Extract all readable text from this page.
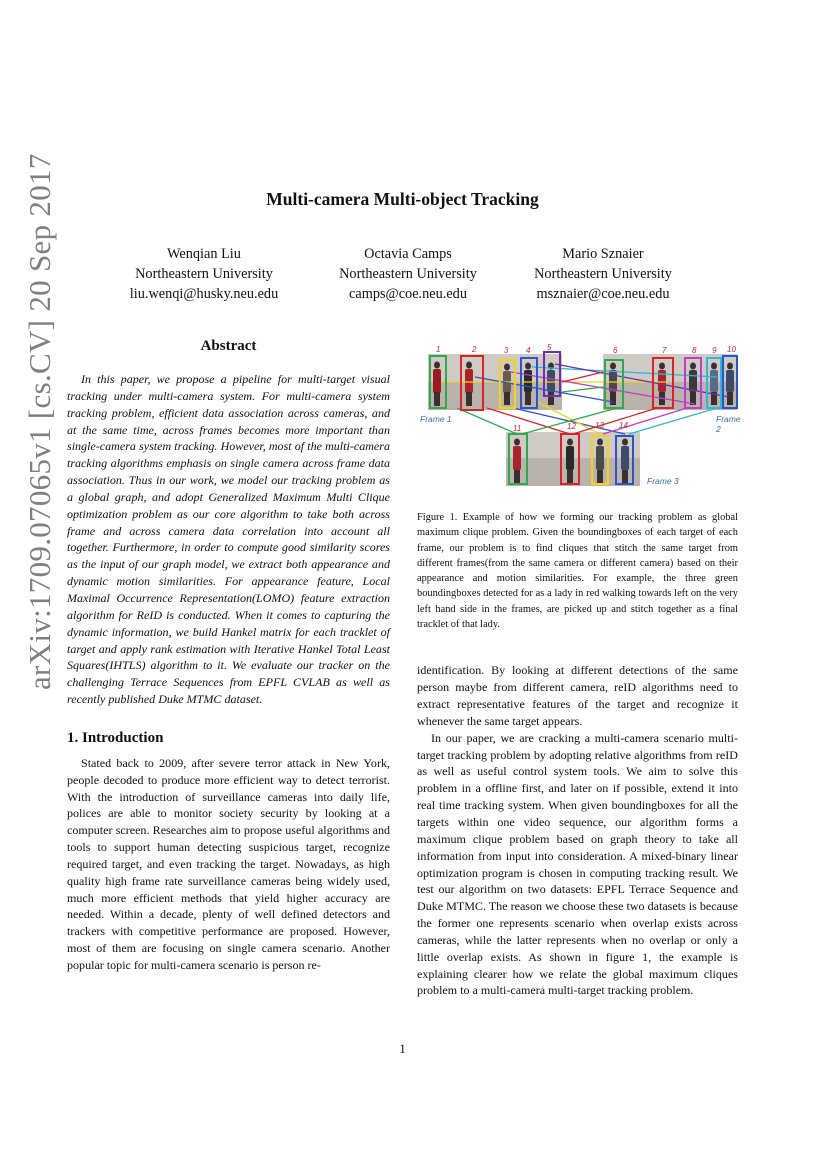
arXiv:1709.07065v1 [cs.CV] 20 Sep 2017	Multi-camera Multi-object Tracking
Wenqian Liu
Northeastern University
liu.wenqi@husky.neu.edu
Octavia Camps
Northeastern University
camps@coe.neu.edu
Mario Sznaier
Northeastern University
msznaier@coe.neu.edu
Abstract

In this paper, we propose a pipeline for multi-target visual tracking under multi-camera system. For multi-camera system tracking problem, efficient data association across cameras, and at the same time, across frames becomes more important than single-camera system tracking. However, most of the multi-camera tracking algorithms emphasis on single camera across frame data association. Thus in our work, we model our tracking problem as a global graph, and adopt Generalized Maximum Multi Clique optimization problem as our core algorithm to take both across frame and across camera data correlation into account all together. Furthermore, in order to compute good similarity scores as the input of our graph model, we extract both appearance and dynamic motion similarities. For appearance feature, Local Maximal Occurrence Representation(LOMO) feature extraction algorithm for ReID is conducted. When it comes to capturing the dynamic information, we build Hankel matrix for each tracklet of target and apply rank estimation with Iterative Hankel Total Least Squares(IHTLS) algorithm to it. We evaluate our tracker on the challenging Terrace Sequences from EPFL CVLAB as well as recently published Duke MTMC dataset.

1. Introduction

Stated back to 2009, after severe terror attack in New York, people decoded to produce more efficient way to detect terrorist. With the introduction of surveillance cameras into daily life, polices are able to monitor society security by looking at a computer screen. Researches aim to propose useful algorithms and tools to support human detecting suspicious target, recognize required target, and even tracking the target. Nowadays, as high quality high frame rate surveillance cameras being widely used, much more efficient methods that yield higher accuracy are needed. Within a decade, plenty of well defined detectors and trackers with competitive performance are proposed. However, most of them are focusing on single camera scenario. Another popular topic for multi-camera scenario is person re-

1	2	3 4 5	6	7	8 9 10
11	12 13 14
Frame 1	Frame 2
Frame 3

Figure 1. Example of how we forming our tracking problem as global maximum clique problem. Given the boundingboxes of each target of each frame, our problem is to find cliques that stitch the same target from different frames(from the same camera or different camera) based on their appearance and motion similarities. For example, the three green boundingboxes detected for as a lady in red walking towards left on the very left hand side in the frames, are picked up and stitch together as a final tracklet of that lady.

identification. By looking at different detections of the same person maybe from different camera, reID algorithms need to extract representative features of the target and recognize it whenever the same target appears.

In our paper, we are cracking a multi-camera scenario multi-target tracking problem by adopting relative algorithms from reID as well as useful control system tools. We aim to solve this problem in a offline first, and later on if possible, extend it into real time tracking system. When given boundingboxes for all the targets within one video sequence, our algorithm forms a maximum clique problem based on graph theory to take all information from input into consideration. A mixed-binary linear optimization program is chosen in computing tracking result. We test our algorithm on two datasets: EPFL Terrace Sequence and Duke MTMC. The reason we choose these two datasets is because the former one represents scenario when overlap exists across cameras, while the latter represents when no overlap or only a little overlap exists. As shown in figure 1, the example is explaining clearer how we relate the global maximum cliques problem to a multi-camera multi-target tracking problem.

1
